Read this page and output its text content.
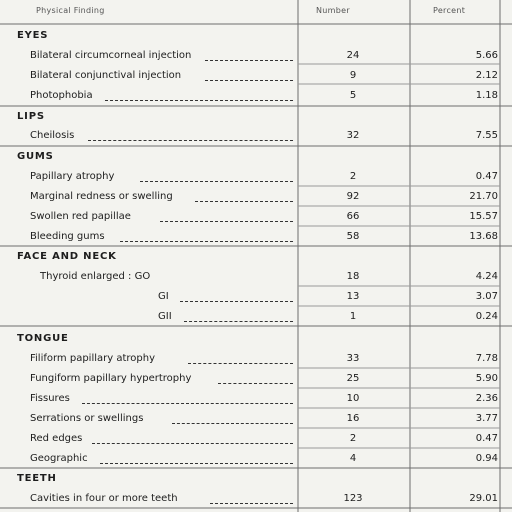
Physical Finding	Number	Percent
EYES
Bilateral circumcorneal injection	24	5.66
Bilateral conjunctival injection	9	2.12
Photophobia	5	1.18
LIPS
Cheilosis	32	7.55
GUMS
Papillary atrophy	2	0.47
Marginal redness or swelling	92	21.70
Swollen red papillae	66	15.57
Bleeding gums	58	13.68
FACE AND NECK
Thyroid enlarged : GO	18	4.24
GI	13	3.07
GII	1	0.24
TONGUE
Filiform papillary atrophy	33	7.78
Fungiform papillary hypertrophy	25	5.90
Fissures	10	2.36
Serrations or swellings	16	3.77
Red edges	2	0.47
Geographic	4	0.94
TEETH
Cavities in four or more teeth	123	29.01
